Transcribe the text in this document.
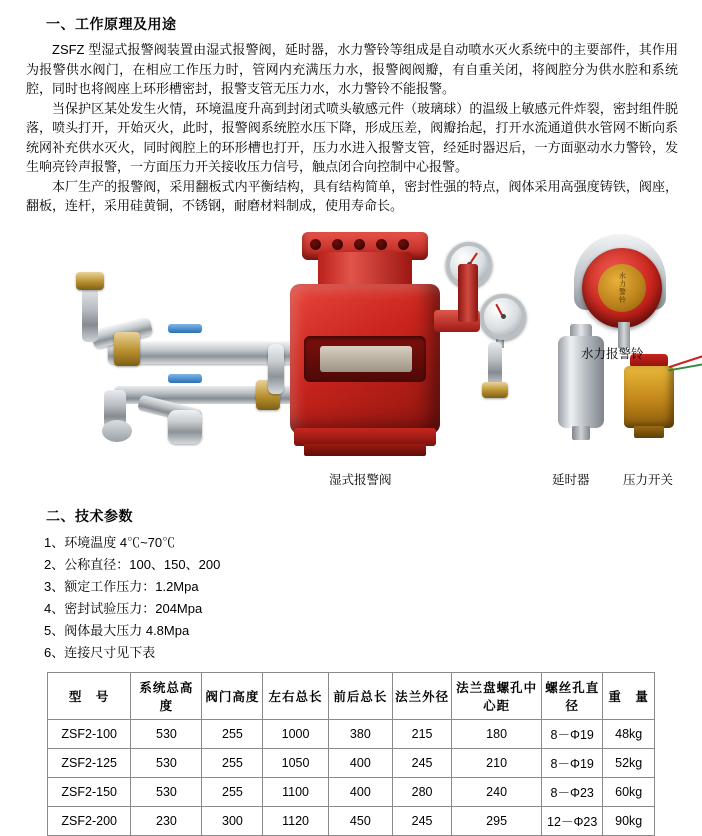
一、工作原理及用途

ZSFZ 型湿式报警阀装置由湿式报警阀，延时器，水力警铃等组成是自动喷水灭火系统中的主要部件，其作用为报警供水阀门，在相应工作压力时，管网内充满压力水，报警阀阀瓣，有自重关闭，将阀腔分为供水腔和系统腔，同时也将阀座上环形槽密封，报警支管无压力水，水力警铃不能报警。

当保护区某处发生火情，环境温度升高到封闭式喷头敏感元件（玻璃球）的温级上敏感元件炸裂，密封组件脱落，喷头打开，开始灭火，此时，报警阀系统腔水压下降，形成压差，阀瓣抬起，打开水流通道供水管网不断向系统网补充供水灭火，同时阀腔上的环形槽也打开，压力水进入报警支管，经延时器迟后，一方面驱动水力警铃，发生响亮铃声报警，一方面压力开关接收压力信号，触点闭合向控制中心报警。

本厂生产的报警阀，采用翻板式内平衡结构，具有结构简单，密封性强的特点，阀体采用高强度铸铁，阀座，翻板，连杆，采用硅黄铜，不锈钢，耐磨材料制成，使用寿命长。

水力警铃
水力报警铃
湿式报警阀	延时器	压力开关
二、技术参数
1、环境温度 4℃~70℃
2、公称直径：100、150、200
3、额定工作压力：1.2Mpa
4、密封试验压力：204Mpa
5、阀体最大压力 4.8Mpa
6、连接尺寸见下表
型　号	系统总高度	阀门高度	左右总长	前后总长	法兰外径	法兰盘螺孔中心距	螺丝孔直径	重　量
ZSF2-100	530	255	1000	380	215	180	8－Φ19	48kg
ZSF2-125	530	255	1050	400	245	210	8－Φ19	52kg
ZSF2-150	530	255	1100	400	280	240	8－Φ23	60kg
ZSF2-200	230	300	1120	450	245	295	12－Φ23	90kg
